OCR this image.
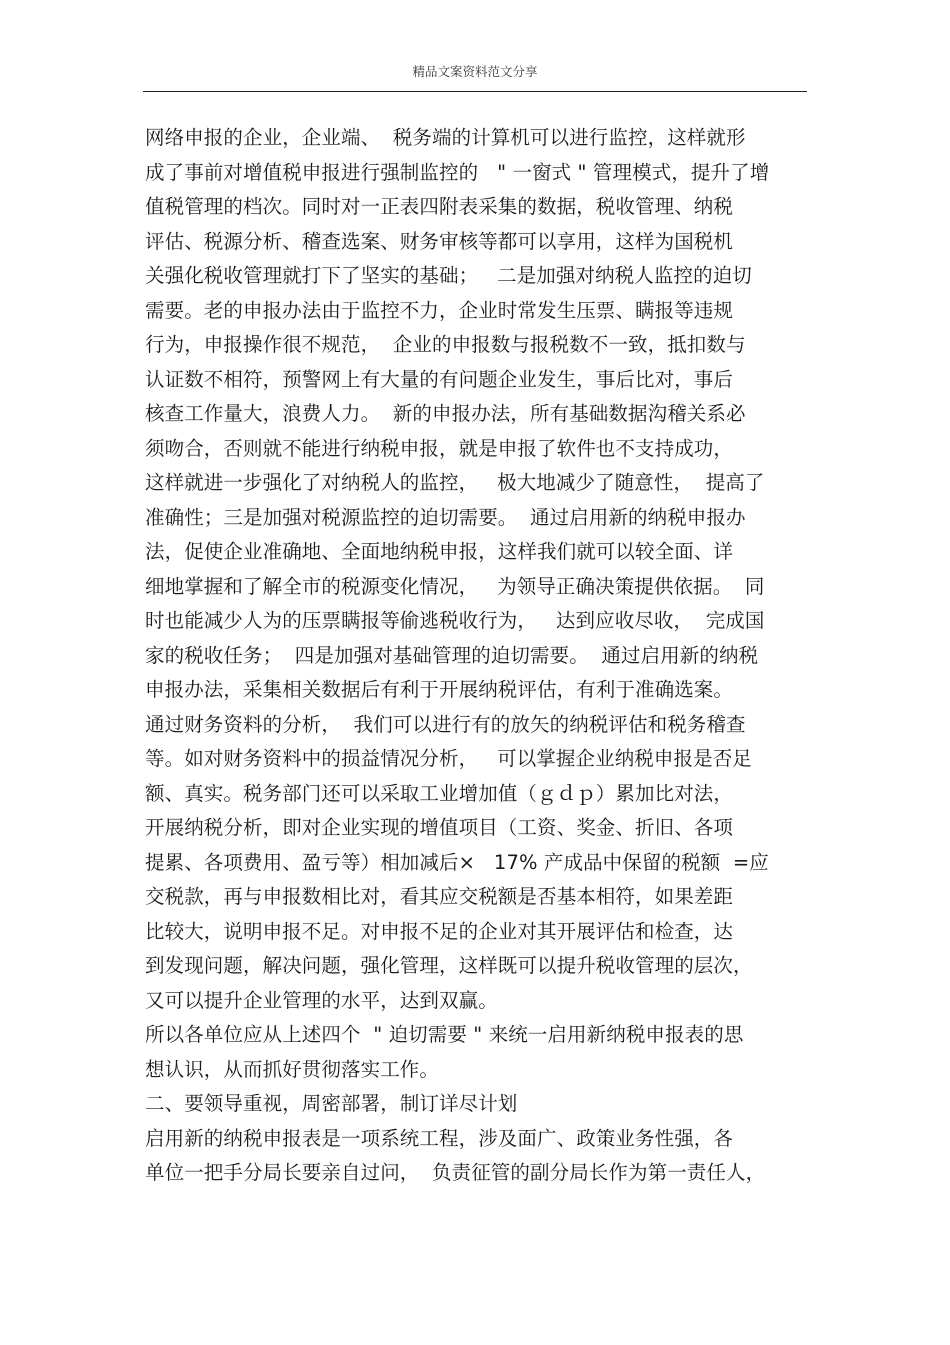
精品文案资料范文分享
网络申报的企业，企业端、  税务端的计算机可以进行监控，这样就形
成了事前对增值税申报进行强制监控的   " 一窗式 " 管理模式，提升了增
值税管理的档次。同时对一正表四附表采集的数据，税收管理、纳税
评估、税源分析、稽查选案、财务审核等都可以享用，这样为国税机
关强化税收管理就打下了坚实的基础；   二是加强对纳税人监控的迫切
需要。老的申报办法由于监控不力，企业时常发生压票、瞒报等违规
行为，申报操作很不规范，  企业的申报数与报税数不一致，抵扣数与
认证数不相符，预警网上有大量的有问题企业发生，事后比对，事后
核查工作量大，浪费人力。  新的申报办法，所有基础数据沟稽关系必
须吻合，否则就不能进行纳税申报，就是申报了软件也不支持成功，
这样就进一步强化了对纳税人的监控，   极大地减少了随意性，  提高了
准确性；三是加强对税源监控的迫切需要。  通过启用新的纳税申报办
法，促使企业准确地、全面地纳税申报，这样我们就可以较全面、详
细地掌握和了解全市的税源变化情况，   为领导正确决策提供依据。  同
时也能减少人为的压票瞒报等偷逃税收行为，   达到应收尽收，  完成国
家的税收任务；  四是加强对基础管理的迫切需要。  通过启用新的纳税
申报办法，采集相关数据后有利于开展纳税评估，有利于准确选案。
通过财务资料的分析，  我们可以进行有的放矢的纳税评估和税务稽查
等。如对财务资料中的损益情况分析，   可以掌握企业纳税申报是否足
额、真实。税务部门还可以采取工业增加值（ｇｄｐ）累加比对法，
开展纳税分析，即对企业实现的增值项目（工资、奖金、折旧、各项
提累、各项费用、盈亏等）相加减后×   17% 产成品中保留的税额  =应
交税款，再与申报数相比对，看其应交税额是否基本相符，如果差距
比较大，说明申报不足。对申报不足的企业对其开展评估和检查，达
到发现问题，解决问题，强化管理，这样既可以提升税收管理的层次，
又可以提升企业管理的水平，达到双赢。
所以各单位应从上述四个  " 迫切需要 " 来统一启用新纳税申报表的思
想认识，从而抓好贯彻落实工作。
二、要领导重视，周密部署，制订详尽计划
启用新的纳税申报表是一项系统工程，涉及面广、政策业务性强，各
单位一把手分局长要亲自过问，  负责征管的副分局长作为第一责任人，
